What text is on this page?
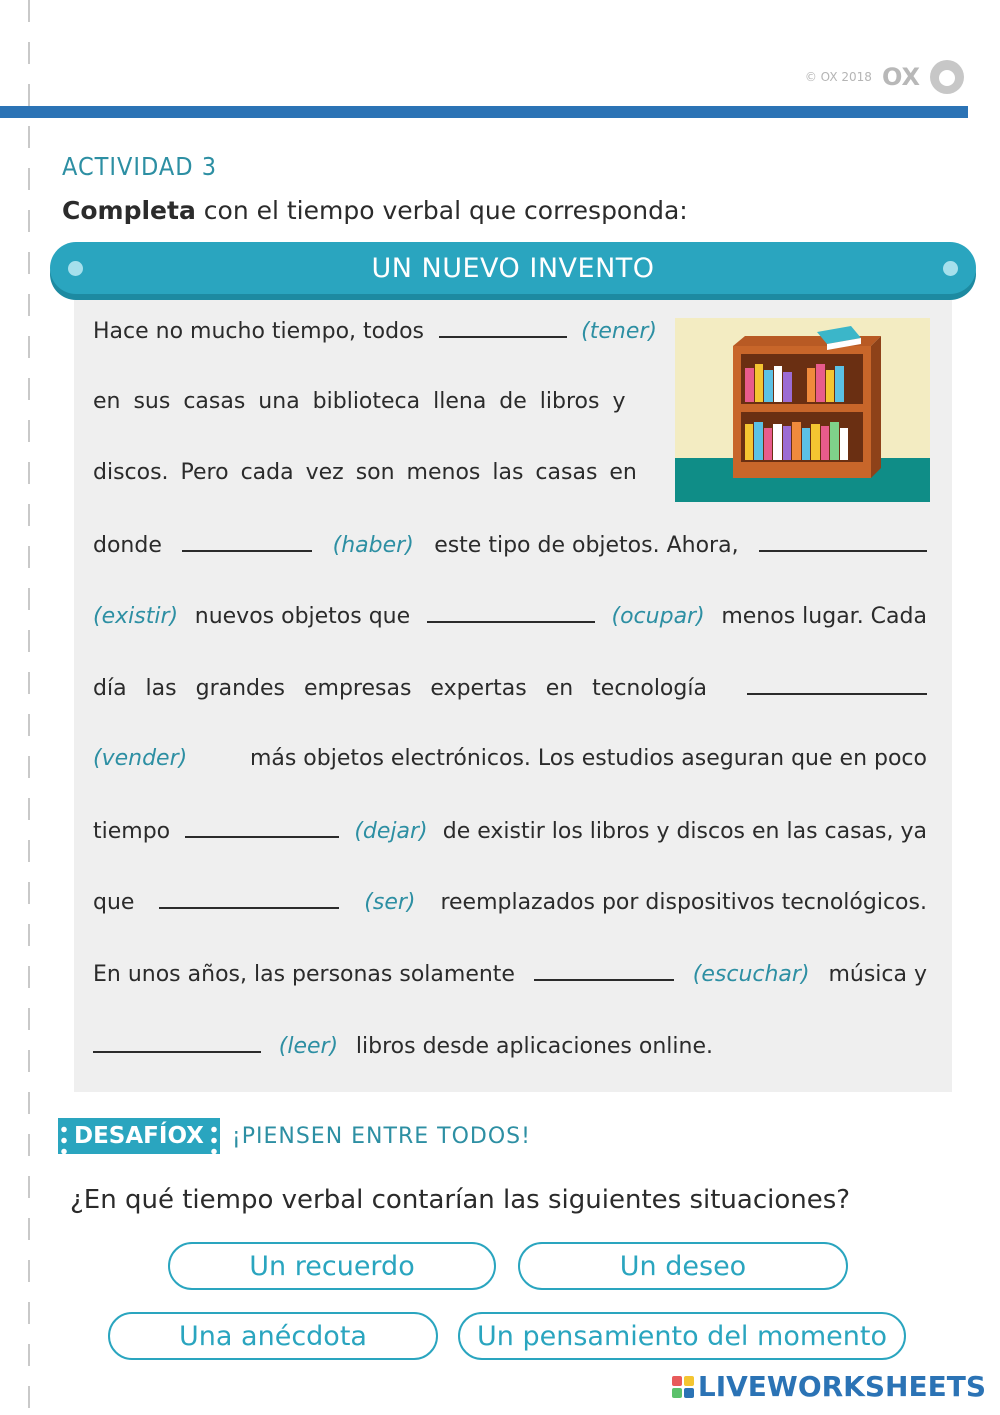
© OX 2018 OX
ACTIVIDAD 3
Completa con el tiempo verbal que corresponda:
UN NUEVO INVENTO
Hace no mucho tiempo, todos	(tener)
en sus casas una biblioteca llena de libros y
discos. Pero cada vez son menos las casas en
donde	(haber) este tipo de objetos. Ahora,
(existir) nuevos objetos que	(ocupar) menos lugar. Cada
día las grandes empresas expertas en tecnología
(vender)	más objetos electrónicos. Los estudios aseguran que en poco
tiempo	(dejar) de existir los libros y discos en las casas, ya
que	(ser) reemplazados por dispositivos tecnológicos.
En unos años, las personas solamente	(escuchar) música y
(leer) libros desde aplicaciones online.
DESAFÍOX	¡PIENSEN ENTRE TODOS!
¿En qué tiempo verbal contarían las siguientes situaciones?
Un recuerdo	Un deseo
Una anécdota	Un pensamiento del momento
LIVEWORKSHEETS
